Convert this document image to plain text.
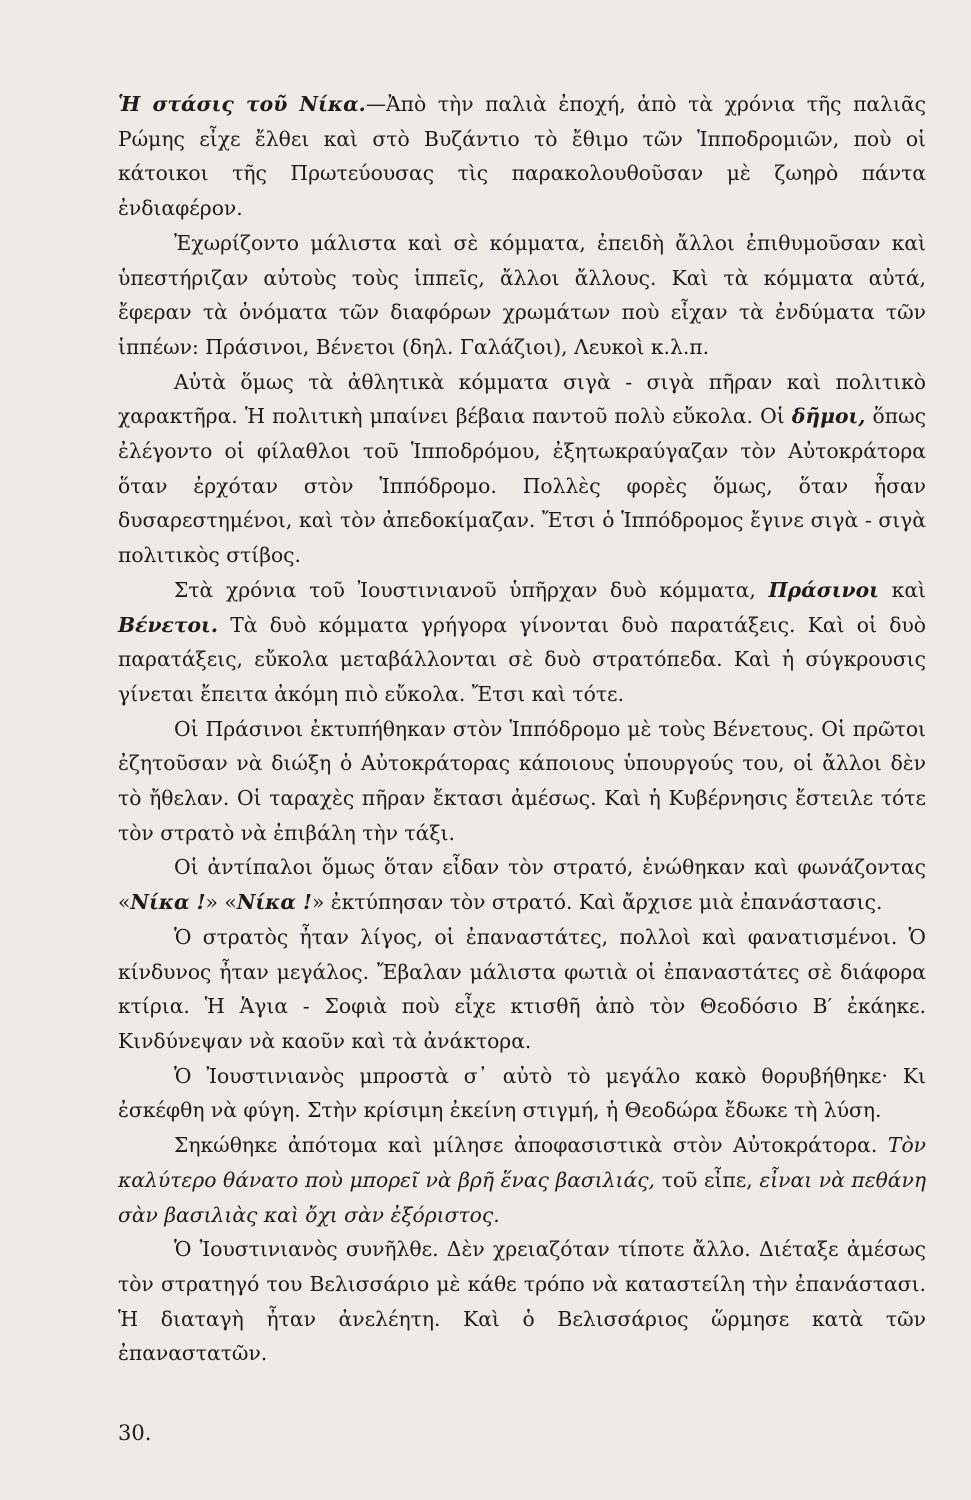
Ἡ στάσις τοῦ Νίκα.—Ἀπὸ τὴν παλιὰ ἐποχή, ἀπὸ τὰ χρόνια τῆς παλιᾶς Ρώμης εἶχε ἔλθει καὶ στὸ Βυζάντιο τὸ ἔθιμο τῶν Ἱπποδρομιῶν, ποὺ οἱ κάτοικοι τῆς Πρωτεύουσας τὶς παρακολουθοῦσαν μὲ ζωηρὸ πάντα ἐνδιαφέρον.

Ἐχωρίζοντο μάλιστα καὶ σὲ κόμματα, ἐπειδὴ ἄλλοι ἐπιθυμοῦσαν καὶ ὑπεστήριζαν αὐτοὺς τοὺς ἱππεῖς, ἄλλοι ἄλλους. Καὶ τὰ κόμματα αὐτά, ἔφεραν τὰ ὀνόματα τῶν διαφόρων χρωμάτων ποὺ εἶχαν τὰ ἐνδύματα τῶν ἱππέων: Πράσινοι, Βένετοι (δηλ. Γαλάζιοι), Λευκοὶ κ.λ.π.

Αὐτὰ ὅμως τὰ ἀθλητικὰ κόμματα σιγὰ - σιγὰ πῆραν καὶ πολιτικὸ χαρακτῆρα. Ἡ πολιτικὴ μπαίνει βέβαια παντοῦ πολὺ εὔκολα. Οἱ δῆμοι, ὅπως ἐλέγοντο οἱ φίλαθλοι τοῦ Ἱπποδρόμου, ἐξητωκραύγαζαν τὸν Αὐτοκράτορα ὅταν ἐρχόταν στὸν Ἱππόδρομο. Πολλὲς φορὲς ὅμως, ὅταν ἦσαν δυσαρεστημένοι, καὶ τὸν ἀπεδοκίμαζαν. Ἔτσι ὁ Ἱππόδρομος ἔγινε σιγὰ - σιγὰ πολιτικὸς στίβος.

Στὰ χρόνια τοῦ Ἰουστινιανοῦ ὑπῆρχαν δυὸ κόμματα, Πράσινοι καὶ Βένετοι. Τὰ δυὸ κόμματα γρήγορα γίνονται δυὸ παρατάξεις. Καὶ οἱ δυὸ παρατάξεις, εὔκολα μεταβάλλονται σὲ δυὸ στρατόπεδα. Καὶ ἡ σύγκρουσις γίνεται ἔπειτα ἀκόμη πιὸ εὔκολα. Ἔτσι καὶ τότε.

Οἱ Πράσινοι ἐκτυπήθηκαν στὸν Ἱππόδρομο μὲ τοὺς Βένετους. Οἱ πρῶτοι ἐζητοῦσαν νὰ διώξη ὁ Αὐτοκράτορας κάποιους ὑπουργούς του, οἱ ἄλλοι δὲν τὸ ἤθελαν. Οἱ ταραχὲς πῆραν ἔκτασι ἀμέσως. Καὶ ἡ Κυβέρνησις ἔστειλε τότε τὸν στρατὸ νὰ ἐπιβάλη τὴν τάξι.

Οἱ ἀντίπαλοι ὅμως ὅταν εἶδαν τὸν στρατό, ἑνώθηκαν καὶ φωνάζοντας «Νίκα !» «Νίκα !» ἐκτύπησαν τὸν στρατό. Καὶ ἄρχισε μιὰ ἐπανάστασις.

Ὁ στρατὸς ἦταν λίγος, οἱ ἐπαναστάτες, πολλοὶ καὶ φανατισμένοι. Ὁ κίνδυνος ἦταν μεγάλος. Ἔβαλαν μάλιστα φωτιὰ οἱ ἐπαναστάτες σὲ διάφορα κτίρια. Ἡ Ἁγια - Σοφιὰ ποὺ εἶχε κτισθῆ ἀπὸ τὸν Θεοδόσιο Β′ ἐκάηκε. Κινδύνεψαν νὰ καοῦν καὶ τὰ ἀνάκτορα.

Ὁ Ἰουστινιανὸς μπροστὰ σ᾽ αὐτὸ τὸ μεγάλο κακὸ θορυβήθηκε· Κι ἐσκέφθη νὰ φύγη. Στὴν κρίσιμη ἐκείνη στιγμή, ἡ Θεοδώρα ἔδωκε τὴ λύση.

Σηκώθηκε ἀπότομα καὶ μίλησε ἀποφασιστικὰ στὸν Αὐτοκράτορα. Τὸν καλύτερο θάνατο ποὺ μπορεῖ νὰ βρῆ ἕνας βασιλιάς, τοῦ εἶπε, εἶναι νὰ πεθάνη σὰν βασιλιὰς καὶ ὄχι σὰν ἐξόριστος.

Ὁ Ἰουστινιανὸς συνῆλθε. Δὲν χρειαζόταν τίποτε ἄλλο. Διέταξε ἀμέσως τὸν στρατηγό του Βελισσάριο μὲ κάθε τρόπο νὰ καταστείλη τὴν ἐπανάστασι. Ἡ διαταγὴ ἦταν ἀνελέητη. Καὶ ὁ Βελισσάριος ὥρμησε κατὰ τῶν ἐπαναστατῶν.

30.
